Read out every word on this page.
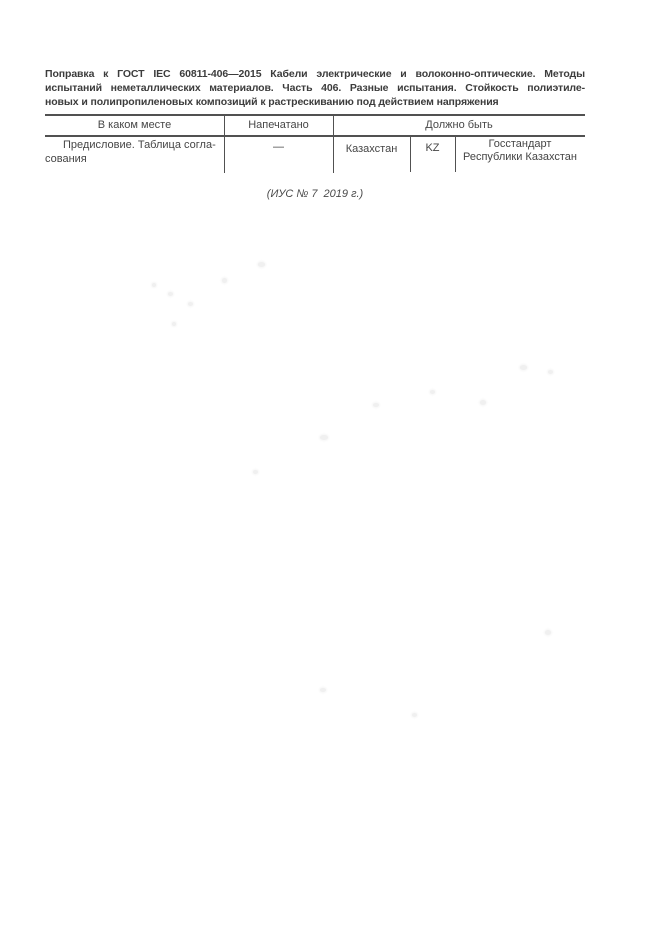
Поправка к ГОСТ IEC 60811-406—2015 Кабели электрические и волоконно-оптические. Методы
испытаний неметаллических материалов. Часть 406. Разные испытания. Стойкость полиэтиле-
новых и полипропиленовых композиций к растрескиванию под действием напряжения

В каком месте	Напечатано	Должно быть
Предисловие. Таблица согла-
сования
—	Казахстан	KZ	Госстандарт
Республики Казахстан
(ИУС № 7  2019 г.)
